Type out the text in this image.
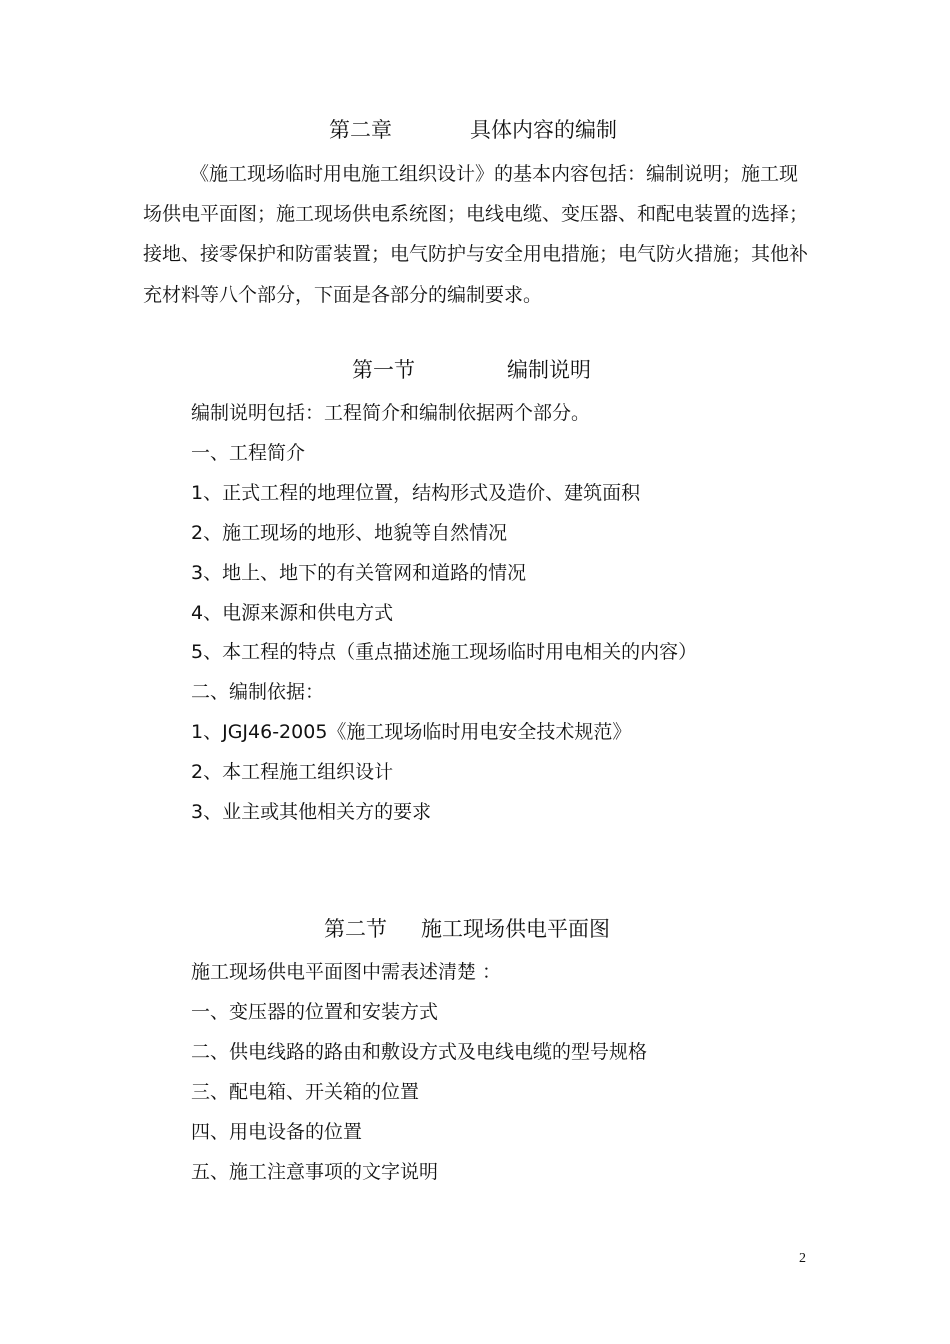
第二章	具体内容的编制
《施工现场临时用电施工组织设计》的基本内容包括：编制说明；施工现
场供电平面图；施工现场供电系统图；电线电缆、变压器、和配电装置的选择；
接地、接零保护和防雷装置；电气防护与安全用电措施；电气防火措施；其他补
充材料等八个部分，下面是各部分的编制要求。
第一节	编制说明
编制说明包括：工程简介和编制依据两个部分。
一、工程简介
1、正式工程的地理位置，结构形式及造价、建筑面积
2、施工现场的地形、地貌等自然情况
3、地上、地下的有关管网和道路的情况
4、电源来源和供电方式
5、本工程的特点（重点描述施工现场临时用电相关的内容）
二、编制依据：
1、JGJ46-2005《施工现场临时用电安全技术规范》
2、本工程施工组织设计
3、业主或其他相关方的要求
第二节 施工现场供电平面图
施工现场供电平面图中需表述清楚 ：
一、变压器的位置和安装方式
二、供电线路的路由和敷设方式及电线电缆的型号规格
三、配电箱、开关箱的位置
四、用电设备的位置
五、施工注意事项的文字说明
2
